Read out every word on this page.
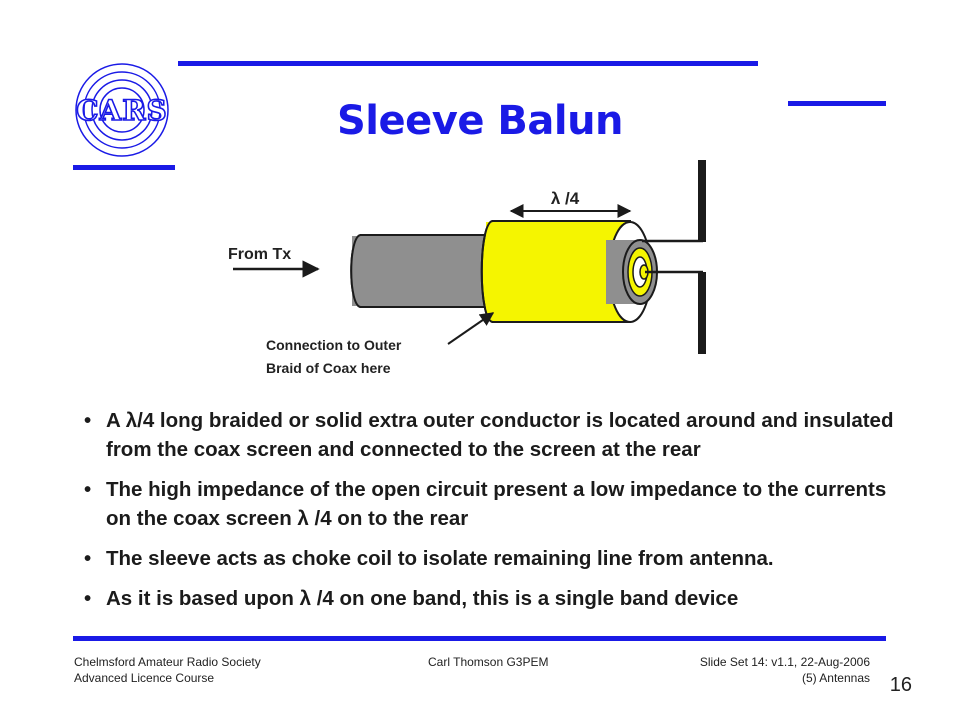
CARS	Sleeve Balun
λ /4
From Tx
Connection to Outer
Braid of Coax here
• A λ/4 long braided or solid extra outer conductor is located around and insulated from the coax screen and connected to the screen at the rear
• The high impedance of the open circuit present a low impedance to the currents on the coax screen λ /4 on to the rear
• The sleeve acts as choke coil to isolate remaining line from antenna.
• As it is based upon λ /4 on one band, this is a single band device
Chelmsford Amateur Radio Society
Advanced Licence Course
Carl Thomson G3PEM	Slide Set 14: v1.1, 22-Aug-2006
(5) Antennas 16
